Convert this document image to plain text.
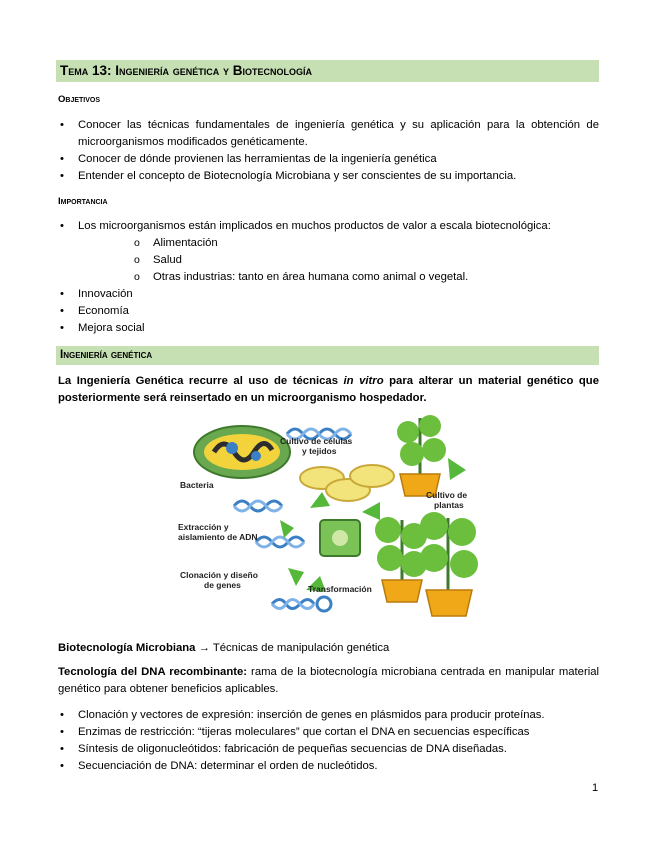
Tema 13: Ingeniería genética y Biotecnología
Objetivos
• Conocer las técnicas fundamentales de ingeniería genética y su aplicación para la obtención de microorganismos modificados genéticamente.
• Conocer de dónde provienen las herramientas de la ingeniería genética
• Entender el concepto de Biotecnología Microbiana y ser conscientes de su importancia.
Importancia
• Los microorganismos están implicados en muchos productos de valor a escala biotecnológica:
o Alimentación
o Salud
o Otras industrias: tanto en área humana como animal o vegetal.
• Innovación
• Economía
• Mejora social
Ingeniería genética
La Ingeniería Genética recurre al uso de técnicas in vitro para alterar un material genético que posteriormente será reinsertado en un microorganismo hospedador.
Cultivo de células
y tejidos
Bacteria
Extracción y
aislamiento de ADN
Clonación y diseño
de genes	Transformación
Cultivo de
plantas
Biotecnología Microbiana → Técnicas de manipulación genética
Tecnología del DNA recombinante: rama de la biotecnología microbiana centrada en manipular material genético para obtener beneficios aplicables.
• Clonación y vectores de expresión: inserción de genes en plásmidos para producir proteínas.
• Enzimas de restricción: “tijeras moleculares” que cortan el DNA en secuencias específicas
• Síntesis de oligonucleótidos: fabricación de pequeñas secuencias de DNA diseñadas.
• Secuenciación de DNA: determinar el orden de nucleótidos.
1
